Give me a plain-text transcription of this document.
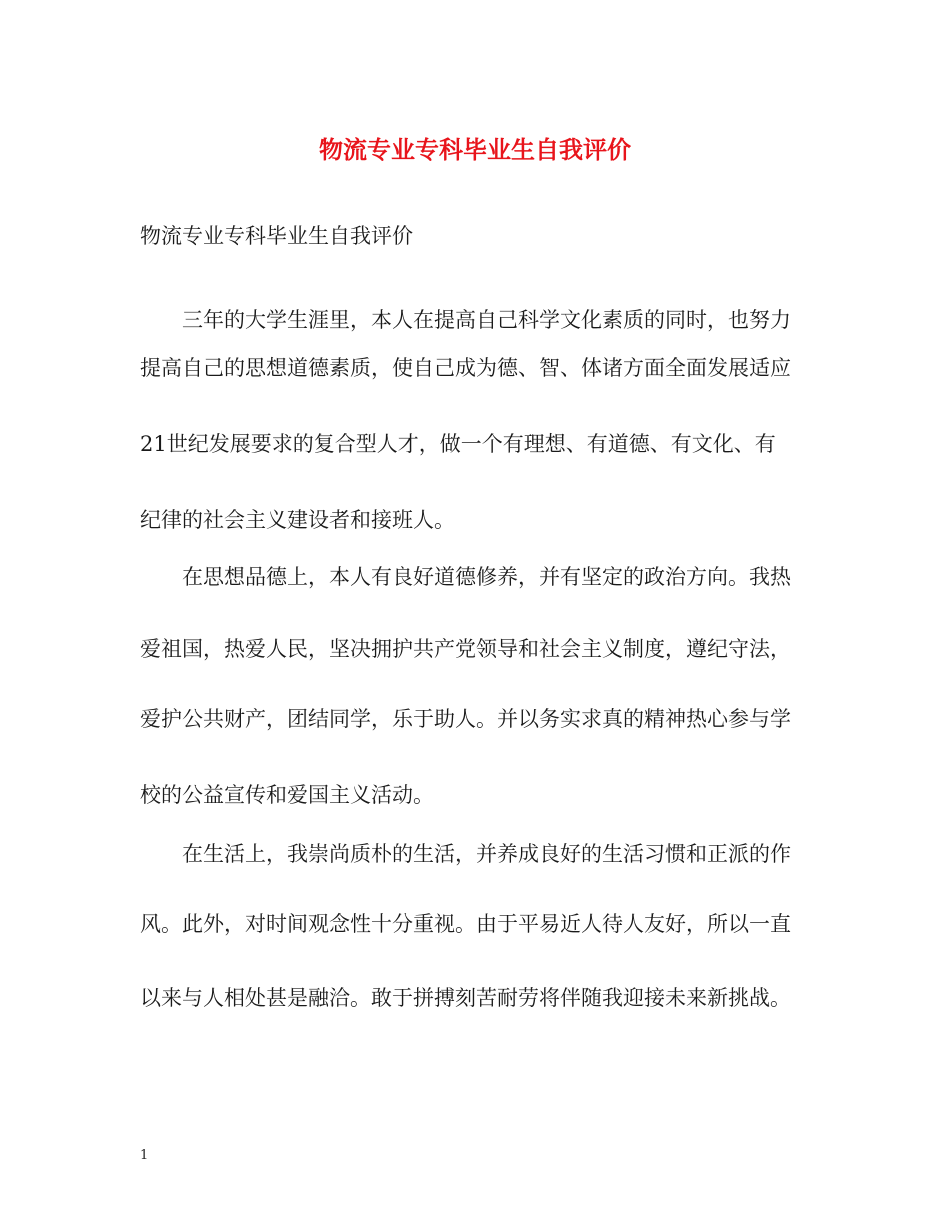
物流专业专科毕业生自我评价
物流专业专科毕业生自我评价
三年的大学生涯里，本人在提高自己科学文化素质的同时，也努力
提高自己的思想道德素质，使自己成为德、智、体诸方面全面发展适应
21世纪发展要求的复合型人才，做一个有理想、有道德、有文化、有
纪律的社会主义建设者和接班人。
在思想品德上，本人有良好道德修养，并有坚定的政治方向。我热
爱祖国，热爱人民，坚决拥护共产党领导和社会主义制度，遵纪守法，
爱护公共财产，团结同学，乐于助人。并以务实求真的精神热心参与学
校的公益宣传和爱国主义活动。
在生活上，我崇尚质朴的生活，并养成良好的生活习惯和正派的作
风。此外，对时间观念性十分重视。由于平易近人待人友好，所以一直
以来与人相处甚是融洽。敢于拼搏刻苦耐劳将伴随我迎接未来新挑战。
1
